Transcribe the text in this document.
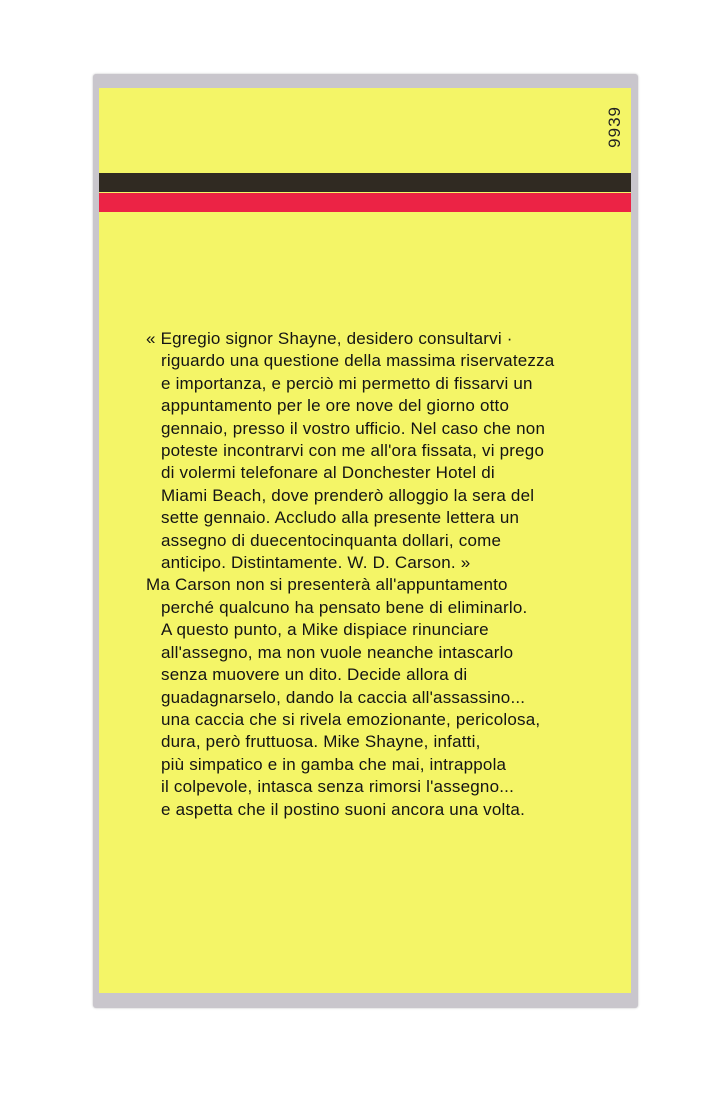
9939
« Egregio signor Shayne, desidero consultarvi ·
riguardo una questione della massima riservatezza
e importanza, e perciò mi permetto di fissarvi un
appuntamento per le ore nove del giorno otto
gennaio, presso il vostro ufficio. Nel caso che non
poteste incontrarvi con me all'ora fissata, vi prego
di volermi telefonare al Donchester Hotel di
Miami Beach, dove prenderò alloggio la sera del
sette gennaio. Accludo alla presente lettera un
assegno di duecentocinquanta dollari, come
anticipo. Distintamente. W. D. Carson. »
Ma Carson non si presenterà all'appuntamento
perché qualcuno ha pensato bene di eliminarlo.
A questo punto, a Mike dispiace rinunciare
all'assegno, ma non vuole neanche intascarlo
senza muovere un dito. Decide allora di
guadagnarselo, dando la caccia all'assassino...
una caccia che si rivela emozionante, pericolosa,
dura, però fruttuosa. Mike Shayne, infatti,
più simpatico e in gamba che mai, intrappola
il colpevole, intasca senza rimorsi l'assegno...
e aspetta che il postino suoni ancora una volta.
